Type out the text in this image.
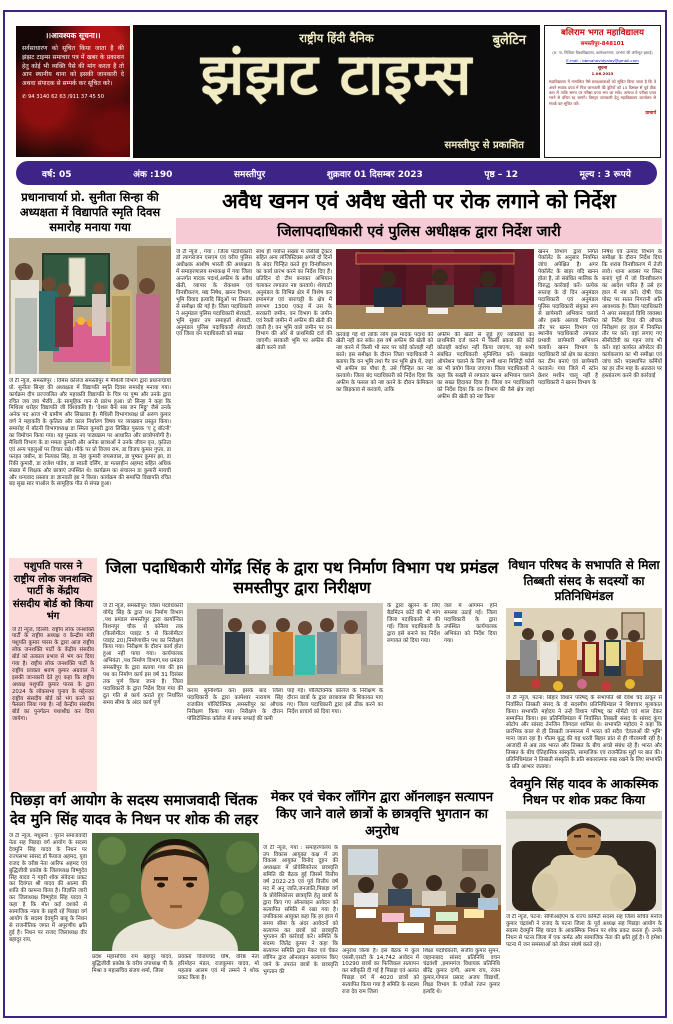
।।आवश्यक सूचना।।
सर्वसाधारण को सूचित किया जाता है की झंझट टाइम्स समाचार पत्र में खबर के प्रकाशन हेतु कोई भी व्यक्ति पैसे की मांग करता है तो आप स्थानीय थाना को इसकी जानकारी दे अथवा संपादक से सम्पर्क कर सूचित करे।
✆ 94 3140 62 63 /911 37 45 50
राष्ट्रीय हिंदी दैनिक	बुलेटिन
झंझट टाइम्स
समस्तीपुर से प्रकाशित
बलिराम भगत महाविद्यालय
समस्तीपुर-848101
(ल. ना. मिथिला विश्वविद्यालय, कामेश्वरनगर, दरभंगा की अंगीभूत इकाई)
E-mail : bbmahavidyalay@gmail.com
सूचना
1.06.2023
महाविद्यालय में नामांकित वैसे छात्र/छात्राओं को सूचित किया जाता है कि वे अपने सत्रांक प्रपत्र में निज जानकारी की त्रुटियों को 15 दिसंबर से पूर्व ठीक करा लें ताकि समय पर परीक्षा प्रपत्र भरा जा सके। अन्यथा वे परीक्षा प्रपत्र भरने से वंचित रह जाएंगे। विस्तृत जानकारी हेतु महाविद्यालय कार्यालय से संपर्क कर सूचित करें।
प्राचार्य
वर्ष: 05	अंक :190	समस्तीपुर	शुक्रवार 01 दिसम्बर 2023	पृष्ठ – 12	मूल्य : 3 रूपये
प्रधानाचार्या प्रो. सुनीता सिन्हा की अध्यक्षता में विद्यापति स्मृति दिवस समारोह मनाया गया
जे टी न्यूज, समस्तीपुर : विमेंस कॉलेज समस्तीपुर में मैथिली विभाग द्वारा प्रधानाचार्या प्रो. सुनीता सिन्हा की अध्यक्षता में विद्यापति स्मृति दिवस समारोह मनाया गया। कार्यक्रम दीप प्रज्ज्वलित और महाकवि विद्यापति के चित्र पर पुष्प और उनके द्वारा रचित जय जय भैरवि...के सामूहिक गान से प्रारंभ हुआ। प्रो सिन्हा ने कहा कि मिथिला धरोहर विद्यापति जी विश्वकवि है। 'देशल बैना सब जन मिठ्ठु' जैसे उनके अनेक पद आज भी ग्रामीण और लिखवार है। मैथिली विभागाध्यक्ष प्रो अरुण कुमार वर्ण ने महाकवि के कृतित्व और काल निर्धारण विषय पर व्याख्यान प्रस्तुत किया। समारोह में बॉटनी विभागाध्यक्ष डा स्मिता कुमारी द्वारा लिखित पुस्तक 'ए टू बॉटनी' का विमोचन किया गया। यह पुस्तक नए पाठ्यक्रम पर आधारित और छात्रोपयोगी है। मैथिली विभाग के डा ममता कुमारी और अनेक छात्राओं ने उनके जीवन वृत्त, कृतित्व एवं अन्य पहलुओं पर विचार रखे। मौके पर प्रो विजय राम, डा विजय कुमार गुप्ता, डा फरहत जबीन, डा नित्यका सिंह, डा नेहा कुमारी जयसवाल, डा पुष्कर कुमार झा, डा रिंकी कुमारी, डा राजेश पांडेय, डा स्वाती दर्लिंग, डा मतलहीन अहमद सहित अधिक संख्या में शिक्षक और छात्राएं उपस्थित थे। कार्यक्रम का संचालन डा कुमारी मायची और धन्यवाद प्रस्ताव डा ज्ञानवती झा ने किया। कार्यक्रम की समाप्ति विद्यापति रचित बड़ सुख सार पाओल के सामूहिक गीत से संपन्न हुआ।
अवैध खनन एवं अवैध खेती पर रोक लगाने को निर्देश
जिलापदाधिकारी एवं पुलिस अधीक्षक द्वारा निर्देश जारी
जे टी न्यूज , गया : जिला पदाधिकारी डॉ त्यागराजन एसएम एवं वरीय पुलिस अधीक्षक आशीष भारती की अध्यक्षता में समाहरणालय सभाकक्ष में गया जिला अन्तर्गत मादक पदार्थ,अफीम के अवैध खेती, व्यापार के रोकथाम एवं विनष्टीकरण, मद्य निषेध, खनन विभाग, भूमि विवाद इत्यादि बिंदुओं पर विस्तार से समीक्षा की गई है। जिला पदाधिकारी ने अनुमंडल पुलिस पदाधिकारी शेरघाटी, भूमि सुधार उप समाहर्ता शेरघाटी, अनुमंडल पुलिस पदाधिकारी शेरघाटी एवं जिला वन पदाधिकारी को सख्त
साथ ही पर्याप्त संख्या में जेसीबी ट्रैक्टर सहित अन्य लॉजिस्टिक्स अगले दो दिनों के अंदर चिन्हित करते हुए विनष्टीकरण का कार्य प्रारंभ करने का निर्देश दिए हैं। प्रतिदिन दो टीम बनाकर अभियान चलाकर लगातार नष्ट करवाये। शेरघाटी अनुमंडल के विभिन्न क्षेत्र में विशेष कर इमामगंज एवं बाराचट्टी के क्षेत्र में लगभग 1300 एकड़ में उस के सरकारी जमीन, वन विभाग के जमीन एवं रैयती जमीन में अफीम की खेती की जाती है। वन भूमि वाले जमीन पर वन विभाग की ओर से प्राथमिकी दर्ज की जाएगी। सरकारी भूमि पर अफीम की खेती करने वाले
करवाई गई थी ताकि लोग इस मादक पदार्थ की खेती नहीं कर सके। इस वर्ष अफीम की खेती को नष्ट करने में किसी भी स्तर पर कोई कोताही नहीं बरते। इस समीक्षा के दौरान जिला पदाधिकारी ने बताया कि वन भूमि तथा गैर वन भूमि क्षेत्र में, जहां भी अफीम का पौधा है, उसे चिन्हित कर नष्ट करवाये। जिला बंद पदाधिकारी को निर्देश दिया कि अफीम के फसल को नष्ट करने के दौरान केमिकल का छिड़काव से करवाये, ताकि
अफीम की खेती से जुड़े हुए व्यक्तियों का प्राथमिकी दर्ज करने में किसी प्रकार की कोई कोताही बर्दाश्त नहीं किया जाएगा, यह सभी संबंधित पदाधिकारी सुनिश्चित करें। कंबाइंड ऑपरेशन चलाने के लिए सभी थाना मिलिट्री फोर्स का भी प्रयोग किया जाएगा। जिला पदाधिकारी ने कहा कि सख्ती से लगातार खनन अभियान चलाने का सख्त हिदायत दिया है। जिला वन पदाधिकारी को निर्देश दिया कि वन विभाग की वैसे क्षेत्र जहां अफीम की खेती को नष्ट किया
खनन विभाग द्वारा निर्गत पेकॉलेंट के अनुसार नियमित जांच अपेक्षित है। अगर पेकॉलेंट के बाहर यदि खनन होता है, तो संबंधित मालिक के विरुद्ध कार्रवाई करें। प्रत्येक सप्ताह के दो दिन अनुमंडल पदाधिकारी एवं अनुमंडल पुलिस पदाधिकारी संयुक्त रूप से छापेमारी अभियान चलावें और इसके अलावा नियमित तौर पर खनन विभाग एवं स्थानीय पदाधिकारी लगातार प्रभावी छापेमारी अभियान चलावें। खनन विभाग के पदाधिकारी को क्षेत्र का बंटवारा कर टीम बनाएं एवं छापेमारी करवाने। गया जिले में स्टोन क्रेशर मशीन चालू नहीं है पदाधिकारी ने खनन विभाग के
निषेध एवं उत्पाद विभाग के समीक्षा के दौरान निर्देश दिया कि शराब विनष्टीकरण में तेजी लावे। थाना अवसर पर लिस्ट बनाएं पूर्व में जो विनष्टीकरण का आदेश पारित है उसे हर हाल में नष्ट करें। दोषी चेक पोस्ट पर सतत निगरानी अति आवश्यक है। जिला पदाधिकारी ने अपर समाहर्ता विधि व्यवस्था को निर्देश दिया की औचक निरीक्षण हर हाल में नियमित तौर पर करें। वहां लगाए गए सीसीटीवी का गहन जांच भी करें। वहां कार्यरत ऑपरेटर की कार्यकलाप का भी समीक्षा एवं जांच करें। पदस्थापित कर्मियों का हर तीन माह के अंतराल पर हस्तांतरण करने की कार्रवाई
पशुपति पारस ने राष्ट्रीय लोक जनशक्ति पार्टी के केंद्रीय संसदीय बोर्ड को किया भंग
जे टी न्यूज, दिल्ली: राष्ट्रीय लोक जनशक्ति पार्टी के राष्ट्रीय अध्यक्ष व केन्द्रीय मंत्री पशुपति कुमार पारस के द्वारा आज राष्ट्रीय लोक जनशक्ति पार्टी के केंद्रीय संसदीय बोर्ड को तत्काल प्रभाव से भंग कर दिया गया है। राष्ट्रीय लोक जनशक्ति पार्टी के राष्ट्रीय प्रवक्ता श्रवण कुमार अग्रवाल ने इसकी जानकारी देते हुए कहा कि राष्ट्रीय अध्यक्ष पशुपति कुमार पारस के द्वारा 2024 के लोकसभा चुनाव के मद्देनजर राष्ट्रीय संसदीय बोर्ड को भंग करने का फैसला लिया गया है। नई केन्द्रीय संसदीय बोर्ड का पुनर्गठन यथाशीघ्र कर दिया जायेगा।
जिला पदाधिकारी योगेंद्र सिंह के द्वारा पथ निर्माण विभाग पथ प्रमंडल समस्तीपुर द्वारा निरीक्षण
जे टी न्यूज, समस्तीपुर: जिला पदाधिकारी योगेंद्र सिंह के द्वारा पथ निर्माण विभाग ,पथ प्रमंडल समस्तीपुर द्वारा कार्यान्वित विशनपुर चौक से कोनैला तक (किलोमीटर प्वाइंट 5 से किलोमीटर प्वाइंट 20),निर्माणाधीन पथ का निरीक्षण किया गया। निरीक्षण के दौरान कार्य होता हुआ नहीं पाया गया। कार्यपालक अभियंता ,पथ निर्माण विभाग,पथ प्रमंडल समस्तीपुर के द्वारा बताया गया की इस पथ का निर्माण कार्य इस वर्ष 31 दिसंबर तक पूर्ण किया जाना है। जिला पदाधिकारी के द्वारा निर्देश दिया गया की द्रुत गति से कार्य कराते हुए निर्धारित समय सीमा के अंदर कार्य पूर्ण
कराय सुनिश्चित करें। इसके बाद जिला पदाधिकारी के द्वारा कामेश्वर नारायण सिंह राजकीय पॉलिटेक्निक ,समस्तीपुर का औचक निरीक्षण किया गया। निरीक्षण के दौरान पॉलिटेक्निक कॉलेज में साफ सफाई की कमी
पाई गई। पॉलिटेक्निक कॉलेज के निरीक्षण के दौरान छात्रों के द्वारा छात्रावास की शिकायत पाए गए। जिला पदाधिकारी द्वारा इसे ठीक करने का निर्देश प्राचार्य को दिया गया।
के द्वारा खुलने के लिए बैडमिंटन कोर्ट की भी मांग जिला पदाधिकारी से की गई। जिला पदाधिकारी के द्वारा इसे बनाने का निर्देश लगायत को दिया गया।
जल में आगमन होने समस्या उठाई गई। जिला पदाधिकारी के द्वारा उपस्थित कार्यपालक अभियंता को निर्देश दिया गया।
विधान परिषद के सभापति से मिला तिब्बती संसद के सदस्यों का प्रतिनिधिमंडल
जे टी न्यूज, पटना: बिहार विधान परिषद् के सभापति श्री देवेश चंद ठाकुर से निर्वासित तिब्बती संसद के दो सदस्यीय प्रतिनिधिमंडल ने शिष्टाचार मुलाकात किया। सभापति महोदय ने उन्हें विधान परिषद् का मोमेंटो एवं शाल देकर सम्मानित किया। इस प्रतिनिधिमंडल में निर्वासित तिब्बती संसद के सांसद कुंगा सोटोप और सांसद तेनजिन जिगदल शामिल थे। सभापति महोदय ने कहा कि प्रारंभिक काल से ही तिब्बती जनमानस में भारत को सदैव 'देवताओं की भूमि' माना जाता रहा है। गौतम बुद्ध की यह धरती बिहार प्रांत से ही गौरवमयी रही है। आजादी से अब तक भारत और तिब्बत के बीच अच्छे संबंध रहे हैं। भारत और तिब्बत के बीच ऐतिहासिक सांस्कृति, सामाजिक एवं राजनैतिक मुद्दों पर बात की। प्रतिनिधिमंडल ने तिब्बती संस्कृति के प्रति सकारात्मक रुख रखने के लिए सभापति के प्रति आभार जताया।
देवमुनि सिंह यादव के आकस्मिक निधन पर शोक प्रकट किया
जे टी न्यूज, पटना: सीपीआईएम के राज्य कमिटी सदस्य सह जिला सचिव मनोज कुमार चंद्रवंशी ने राजद के पटना जिला के पूर्व अध्यक्ष सह पिछड़ा आयोग के सदस्य देवमुनि सिंह यादव के आकस्मिक निधन पर शोक प्रकट करता हूँ। उनके निधन से पटना जिला में एक कर्मठ और सामाजिक नेता की क्षति हुई है। वे हमेशा पटना में जन समस्याओं को लेकर संघर्ष करते रहे।
पिछड़ा वर्ग आयोग के सदस्य समाजवादी चिंतक देव मुनि सिंह यादव के निधन पर शोक की लहर
जे टी न्यूज, मधुबनी : पुराने समाजवादी नेता सह पिछड़ा वर्ग आयोग के सदस्य देवमुनि सिंह यादव के निधन पर राज्यसभा सांसद डॉ फैयाज अहमद, युवा राजद के वरीष्ठ नेता आरिफ अहमद एवं बुद्धिजीवी प्रकोष्ठ के जिलाध्यक्ष विष्णुदेव सिंह यादव ने गहरी शोक संवेदना प्रकट कर दिवंगत श्री यादव की आत्मा की शांति की कामना किया है। विज्ञप्ति जारी कर जिलाध्यक्ष विष्णुदेव सिंह यादव ने कहा है कि मौत कई दशकों से सामाजिक न्याय के प्रहरी रहें पिछड़ा वर्ग आयोग के सदस्य देवमुनि बाबू के निधन से राजनीतिक जगत में अपूरणीय क्षति हुई है। निधन पर राजद जिलाध्यक्ष वीर बहादुर राय,
प्रदेश महासचिव राम बहादुर यादव, बुद्धिजीवी प्रकोष्ठ के वरीय उपाध्यक्ष पी के मिश्रा व महासचिव संजय शर्मा, जिला
प्रवक्ता विजयचंद घोष, वरिष्ठ नेता हरिमोहन मंडल, राजकुमार यादव, मो महताब आलम एवं मो तम्मने ने शोक प्रकट किया है।
मेकर एवं चेकर लॉगिन द्वारा ऑनलाइन सत्यापन किए जाने वाले छात्रों के छात्रवृत्ति भुगतान का अनुरोध
जे टी न्यूज, गया : समाहरणालय के उप विकास आयुक्त कक्ष में उप विकास आयुक्त विनोद दुहन की अध्यक्षता में प्रोवेसिकोत्तर छात्रवृत्ति समिति की बैठक हुई जिसमें वित्तीय वर्ष 2022-23 एवं पूर्व वित्तीय वर्ष मद में अनु जाति,जनजाति,पिछड़ा वर्ग के प्रोवेसिकोत्तर छात्रवृत्ति हेतु छात्रों के द्वारा किए गए ऑनलाइन आवेदन को सत्यापित समिति में रखा गया है। उपविकास आयुक्त कहा कि हर हाल में समय सीमा के अंदर आवेदनों को सत्यापन कर छात्रों को छात्रवृत्ति भुगतान की कार्रवाई करे। समिति के सदस्य जितेंद्र कुमार ने कहा कि सत्यापन समिति द्वारा मेकर एवं चेकर लॉगिन द्वारा ऑनलाइन सत्यापन किए जाने के उपरांत छात्रों के छात्रवृत्ति भुगतान की
अनुरोध किया है। इस बैठक में कुल एससी,एसटी के 14,742 आवेदन में 10290 छात्रों का फिजिकल सत्यापन कर स्वीकृति दी गई है पिछड़ा एवं अत्यंत पिछड़ा वर्ग में 4020 छात्रों को सत्यापित किया गया है समिति के सदस्य राज देव राम जिला
शिक्षा पदाधिकारी, संजीव कुमार सुमन, जहानाबाद सांसद प्रतिनिधि वचन चंद्रवंशी ,इमामगंज विधायक प्रतिनिधि बीरेंद्र कुमार दांगी, अरुण राय, रंजन कुमार,गोपाल प्रसाद अजय विद्यार्थी, शिक्षा विभाग के एपीओ रंजन कुमार इत्यदि थे।
